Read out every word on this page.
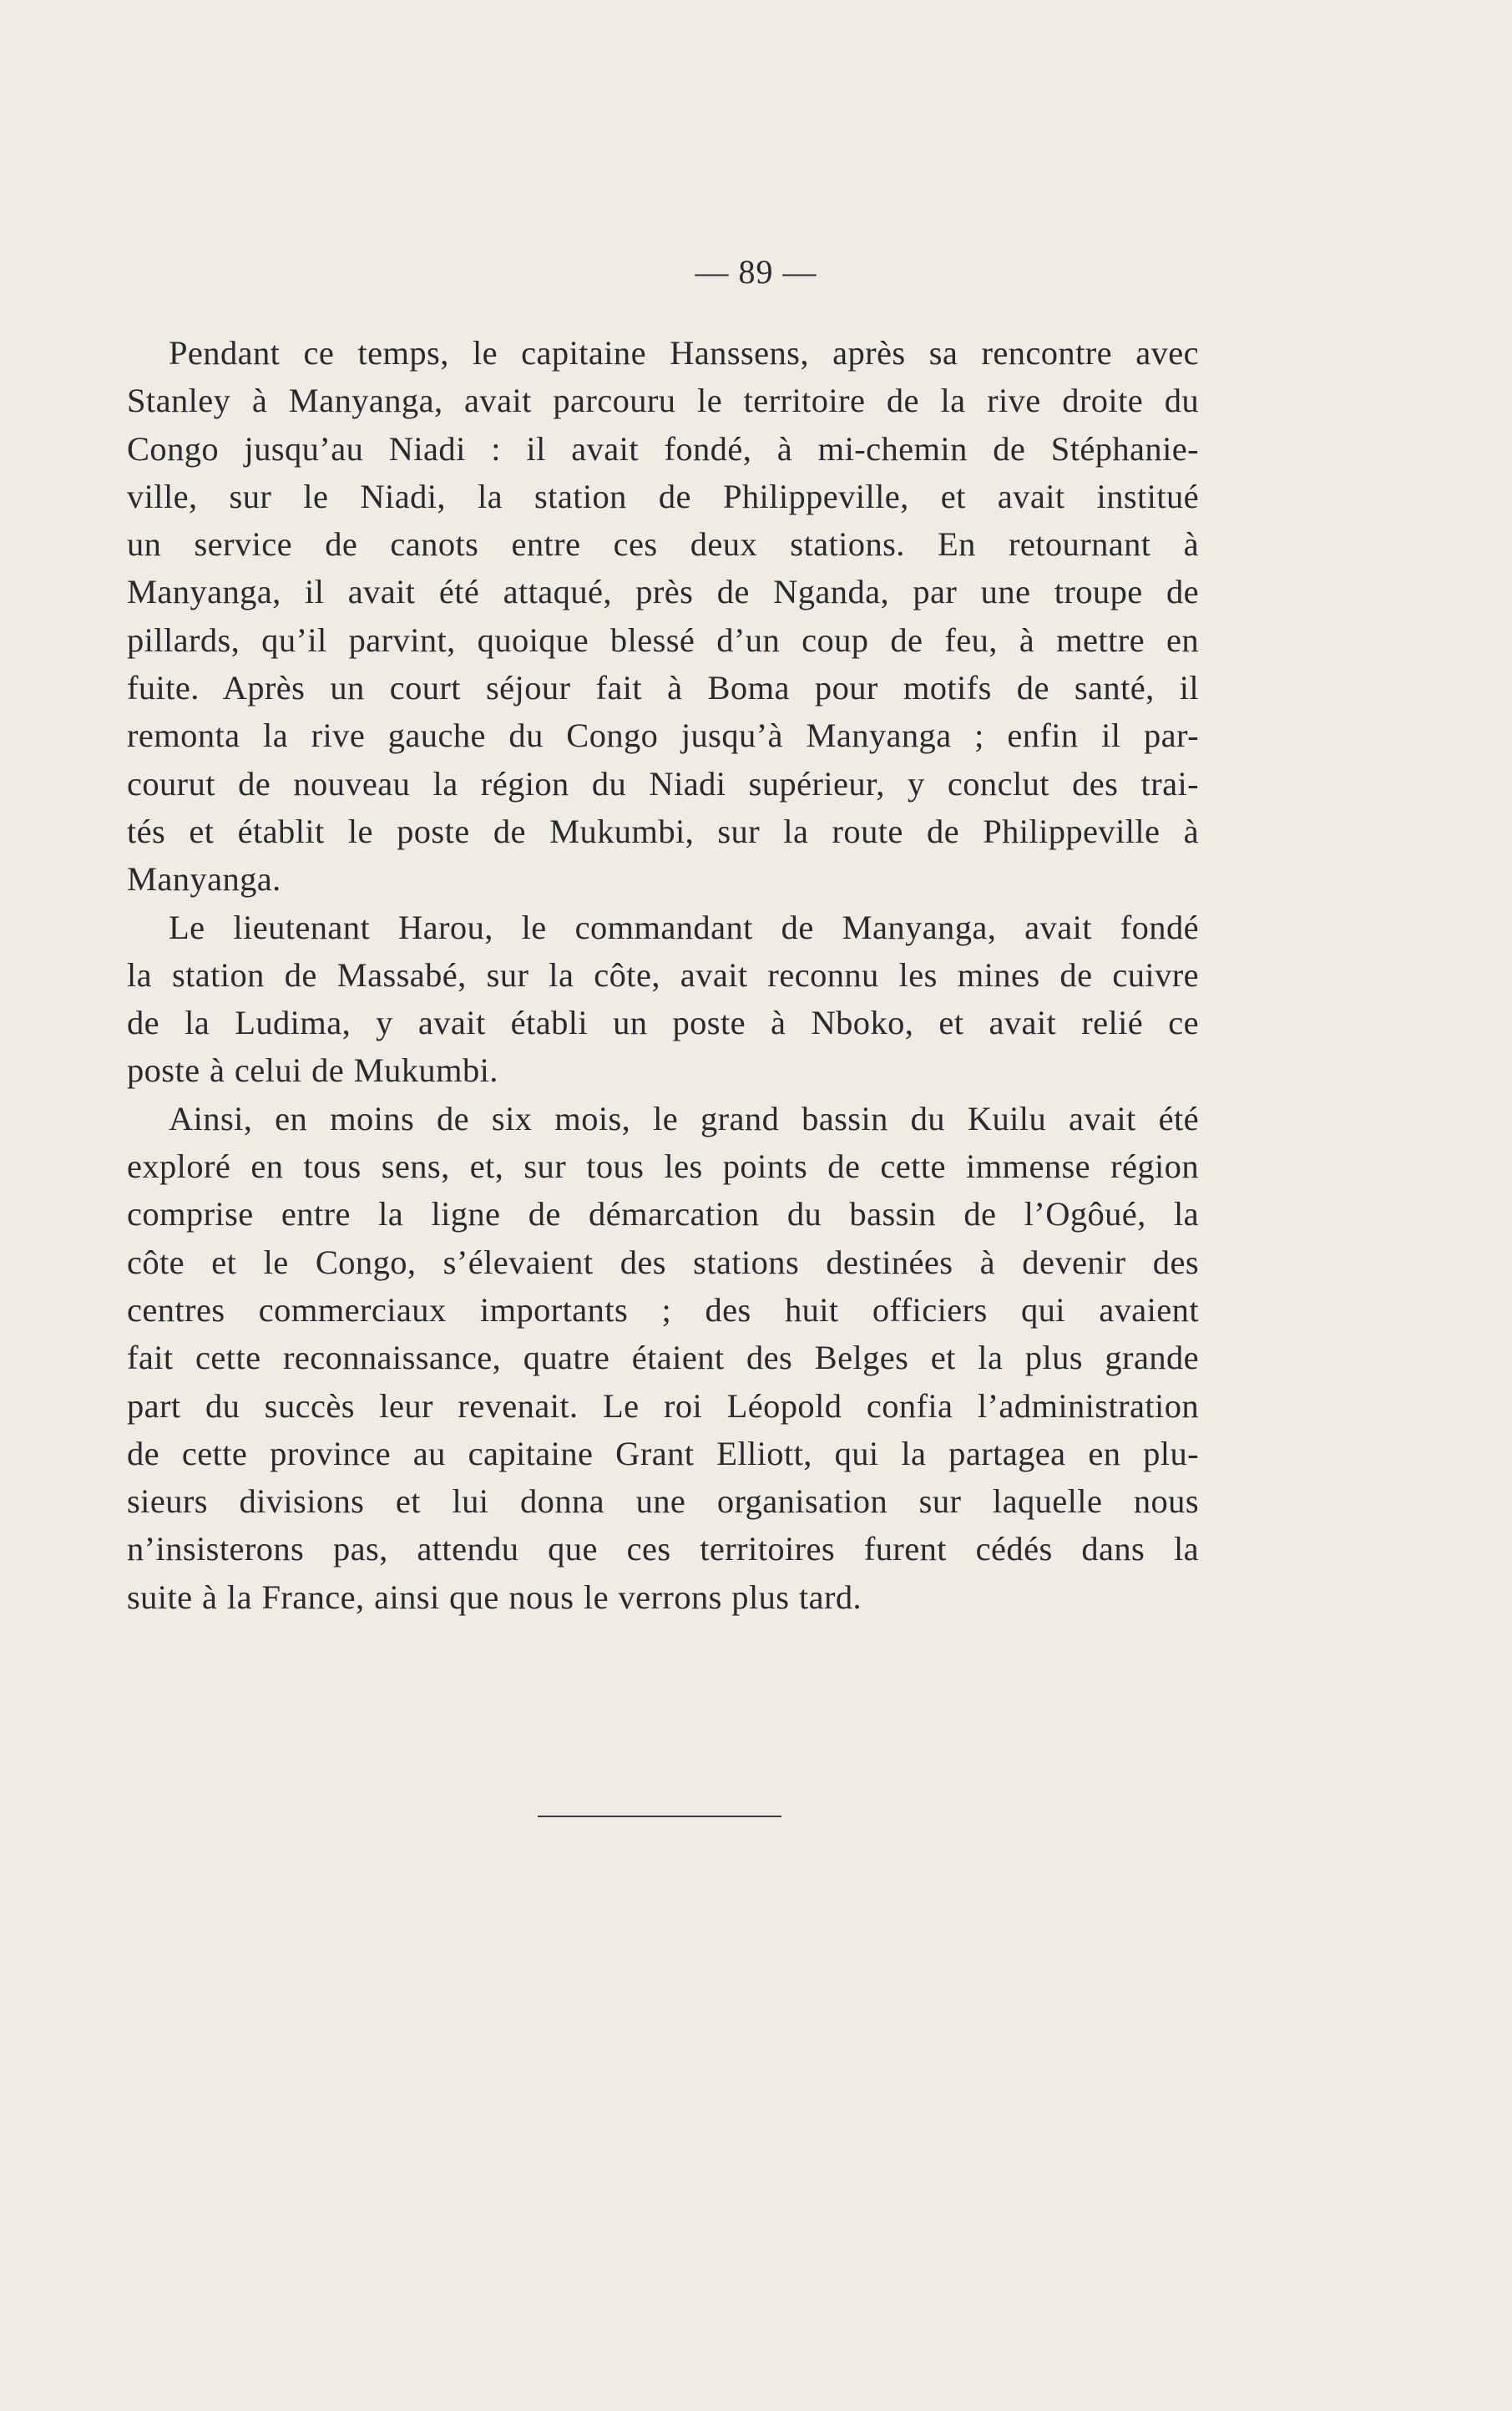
— 89 —
Pendant ce temps, le capitaine Hanssens, après sa rencontre avec
Stanley à Manyanga, avait parcouru le territoire de la rive droite du
Congo jusqu’au Niadi : il avait fondé, à mi-chemin de Stéphanie-
ville, sur le Niadi, la station de Philippeville, et avait institué
un service de canots entre ces deux stations. En retournant à
Manyanga, il avait été attaqué, près de Nganda, par une troupe de
pillards, qu’il parvint, quoique blessé d’un coup de feu, à mettre en
fuite. Après un court séjour fait à Boma pour motifs de santé, il
remonta la rive gauche du Congo jusqu’à Manyanga ; enfin il par-
courut de nouveau la région du Niadi supérieur, y conclut des trai-
tés et établit le poste de Mukumbi, sur la route de Philippeville à
Manyanga.
Le lieutenant Harou, le commandant de Manyanga, avait fondé
la station de Massabé, sur la côte, avait reconnu les mines de cuivre
de la Ludima, y avait établi un poste à Nboko, et avait relié ce
poste à celui de Mukumbi.
Ainsi, en moins de six mois, le grand bassin du Kuilu avait été
exploré en tous sens, et, sur tous les points de cette immense région
comprise entre la ligne de démarcation du bassin de l’Ogôué, la
côte et le Congo, s’élevaient des stations destinées à devenir des
centres commerciaux importants ; des huit officiers qui avaient
fait cette reconnaissance, quatre étaient des Belges et la plus grande
part du succès leur revenait. Le roi Léopold confia l’administration
de cette province au capitaine Grant Elliott, qui la partagea en plu-
sieurs divisions et lui donna une organisation sur laquelle nous
n’insisterons pas, attendu que ces territoires furent cédés dans la
suite à la France, ainsi que nous le verrons plus tard.
